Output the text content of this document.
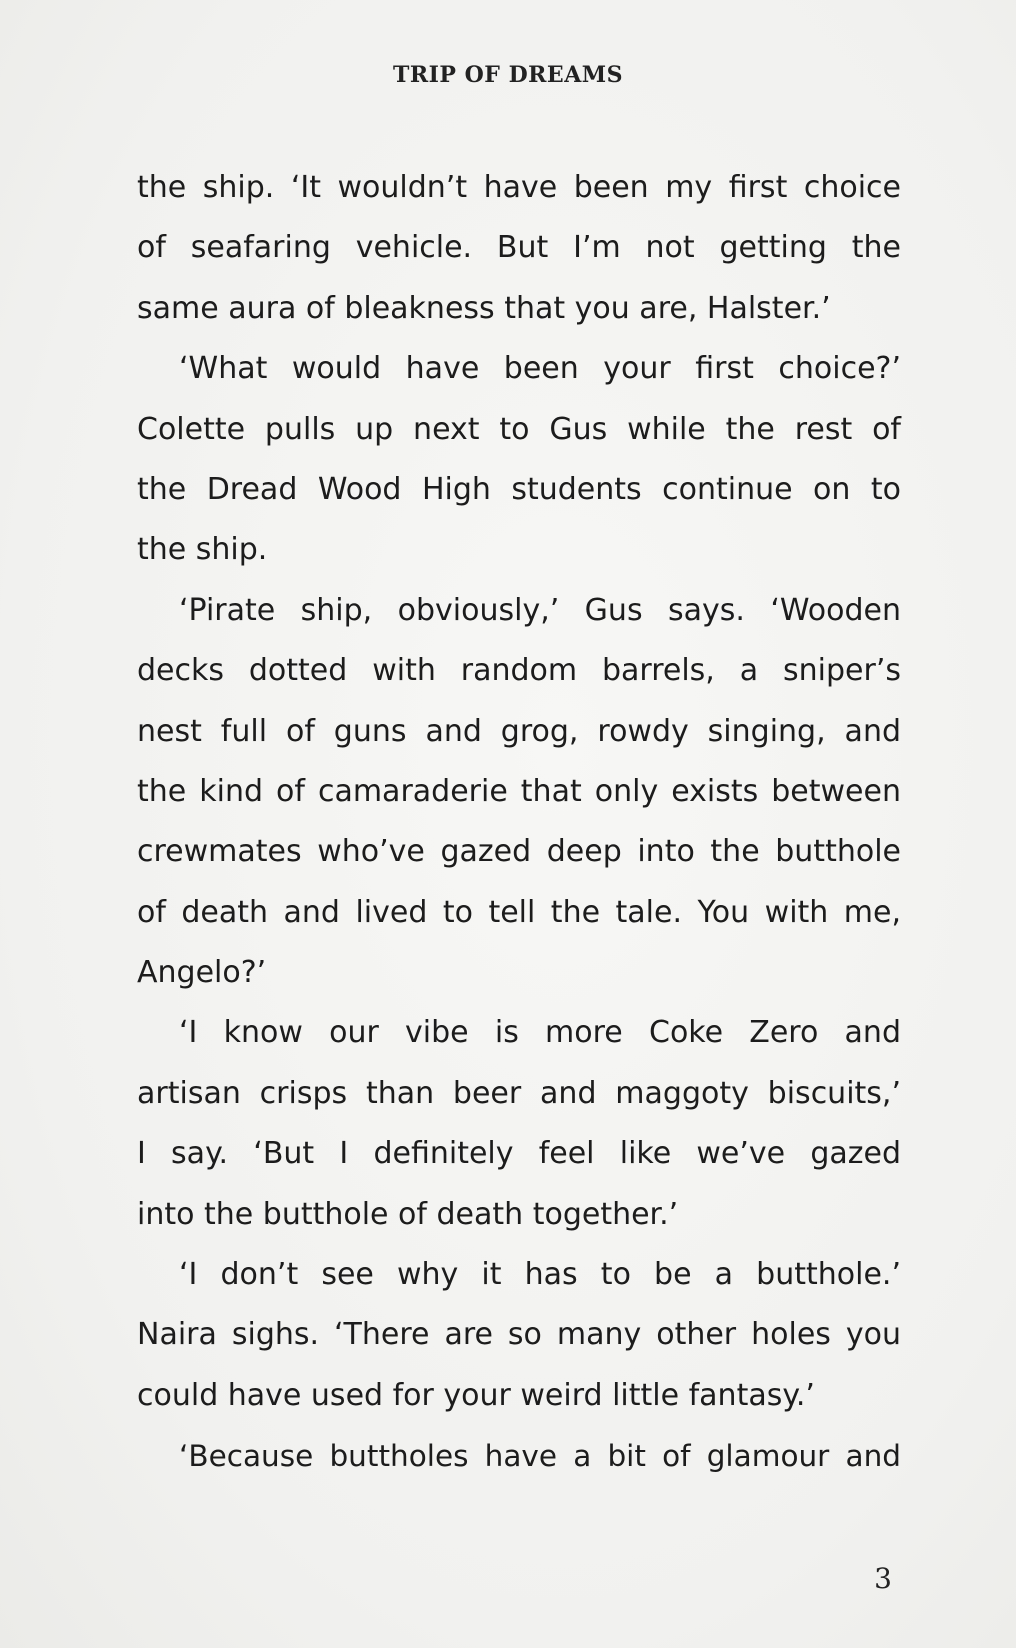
TRIP OF DREAMS
the ship. ‘It wouldn’t have been my first choice
of seafaring vehicle. But I’m not getting the
same aura of bleakness that you are, Halster.’
‘What would have been your first choice?’
Colette pulls up next to Gus while the rest of
the Dread Wood High students continue on to
the ship.
‘Pirate ship, obviously,’ Gus says. ‘Wooden
decks dotted with random barrels, a sniper’s
nest full of guns and grog, rowdy singing, and
the kind of camaraderie that only exists between
crewmates who’ve gazed deep into the butthole
of death and lived to tell the tale. You with me,
Angelo?’
‘I know our vibe is more Coke Zero and
artisan crisps than beer and maggoty biscuits,’
I say. ‘But I definitely feel like we’ve gazed
into the butthole of death together.’
‘I don’t see why it has to be a butthole.’
Naira sighs. ‘There are so many other holes you
could have used for your weird little fantasy.’
‘Because buttholes have a bit of glamour and
3
